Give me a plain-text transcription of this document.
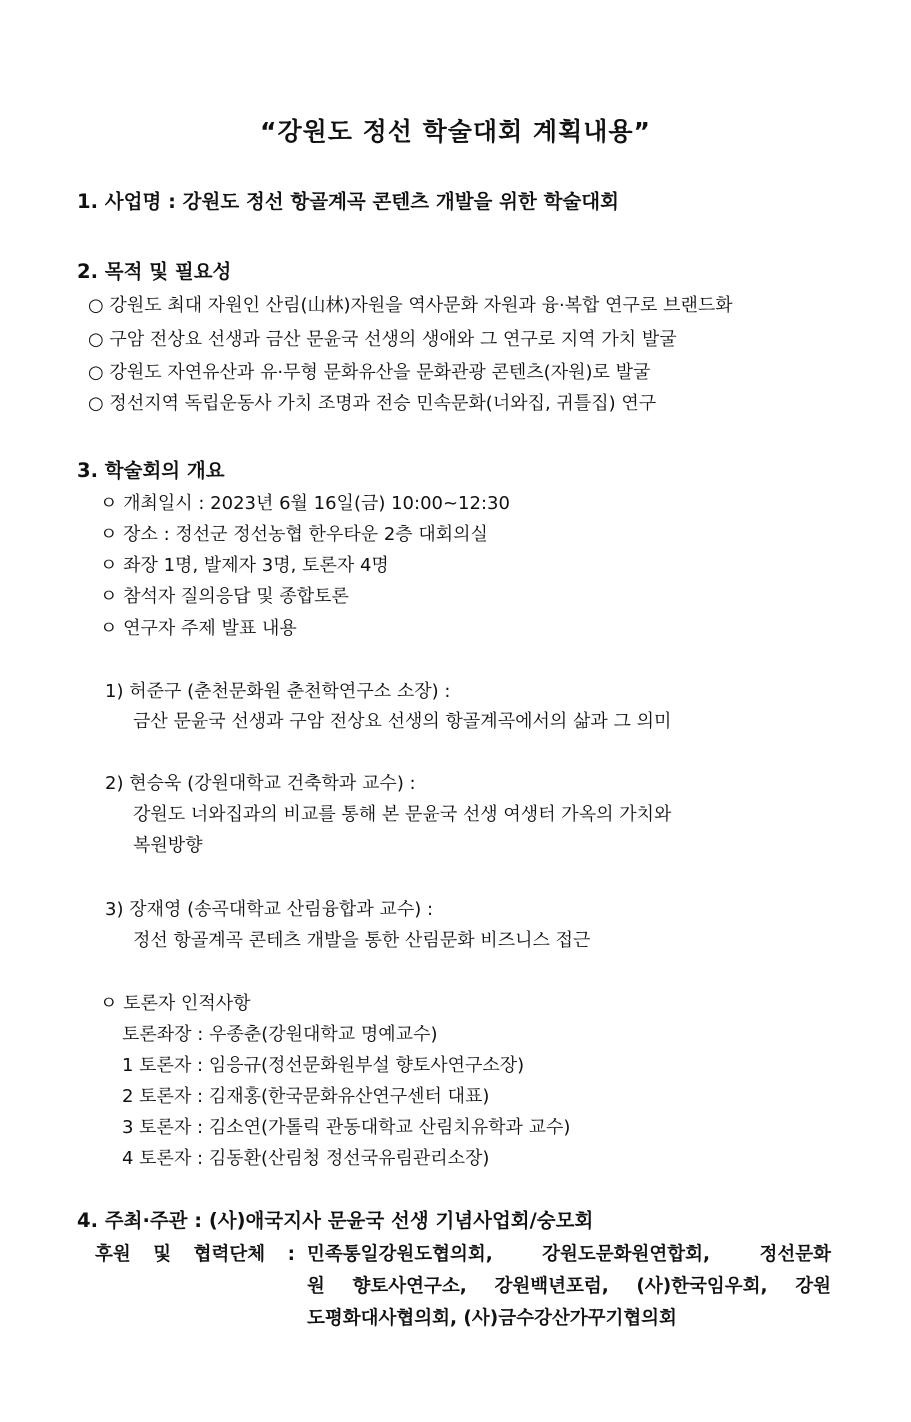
“강원도 정선 학술대회 계획내용”
1. 사업명 : 강원도 정선 항골계곡 콘텐츠 개발을 위한 학술대회
2. 목적 및 필요성
○ 강원도 최대 자원인 산림(山林)자원을 역사문화 자원과 융·복합 연구로 브랜드화
○ 구암 전상요 선생과 금산 문윤국 선생의 생애와 그 연구로 지역 가치 발굴
○ 강원도 자연유산과 유·무형 문화유산을 문화관광 콘텐츠(자원)로 발굴
○ 정선지역 독립운동사 가치 조명과 전승 민속문화(너와집, 귀틀집) 연구
3. 학술회의 개요
ㅇ 개최일시 : 2023년 6월 16일(금) 10:00~12:30
ㅇ 장소 : 정선군 정선농협 한우타운 2층 대회의실
ㅇ 좌장 1명, 발제자 3명, 토론자 4명
ㅇ 참석자 질의응답 및 종합토론
ㅇ 연구자 주제 발표 내용
1) 허준구 (춘천문화원 춘천학연구소 소장) :
금산 문윤국 선생과 구암 전상요 선생의 항골계곡에서의 삶과 그 의미
2) 현승욱 (강원대학교 건축학과 교수) :
강원도 너와집과의 비교를 통해 본 문윤국 선생 여생터 가옥의 가치와
복원방향
3) 장재영 (송곡대학교 산림융합과 교수) :
정선 항골계곡 콘테츠 개발을 통한 산림문화 비즈니스 접근
ㅇ 토론자 인적사항
토론좌장 : 우종춘(강원대학교 명예교수)
1 토론자 : 임응규(정선문화원부설 향토사연구소장)
2 토론자 : 김재홍(한국문화유산연구센터 대표)
3 토론자 : 김소연(가톨릭 관동대학교 산림치유학과 교수)
4 토론자 : 김동환(산림청 정선국유림관리소장)
4. 주최·주관 : (사)애국지사 문윤국 선생 기념사업회/숭모회
후원 및 협력단체 : 민족통일강원도협의회, 강원도문화원연합회, 정선문화
원 향토사연구소, 강원백년포럼, (사)한국임우회, 강원
도평화대사협의회, (사)금수강산가꾸기협의회
